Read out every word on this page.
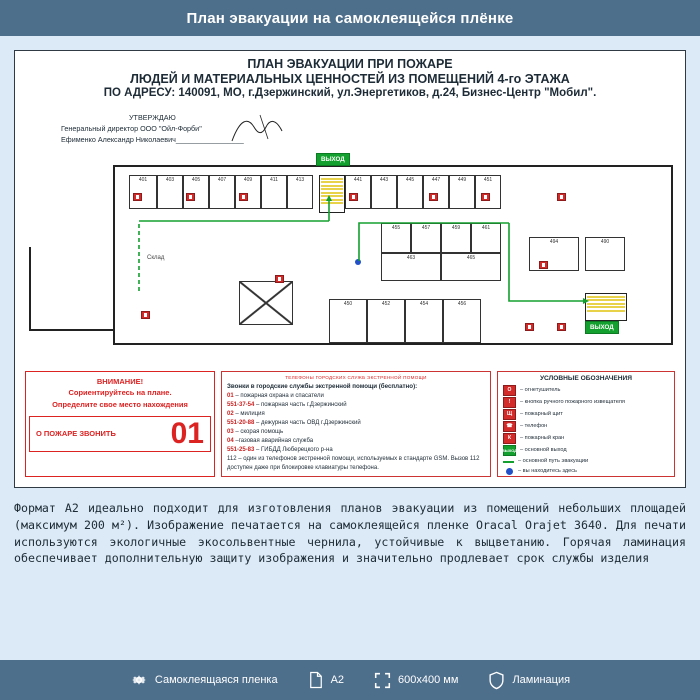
План эвакуации на самоклеящейся плёнке
ПЛАН ЭВАКУАЦИИ ПРИ ПОЖАРЕ
ЛЮДЕЙ И МАТЕРИАЛЬНЫХ ЦЕННОСТЕЙ ИЗ ПОМЕЩЕНИЙ 4-го ЭТАЖА
ПО АДРЕСУ: 140091, МО, г.Дзержинский, ул.Энергетиков, д.24, Бизнес-Центр "Мобил".
УТВЕРЖДАЮ
Генеральный директор ООО "Ойл-Форби"
Ефименко Александр Николаевич_________________
401	403	405	407	409	411	413	441	443	445	447	449	451
455	457	459	461
463	465
494	490
450	452	454	456
Склад
ВЫХОД
ВЫХОД
ВНИМАНИЕ!
Сориентируйтесь на плане.
Определите свое место нахождения
О ПОЖАРЕ ЗВОНИТЬ 01
ТЕЛЕФОНЫ ГОРОДСКИХ СЛУЖБ ЭКСТРЕННОЙ ПОМОЩИ
Звонки в городские службы экстренной помощи (бесплатно):
01 – пожарная охрана и спасатели
551-37-54 – пожарная часть г.Дзержинский
02 – милиция
551-20-88 – дежурная часть ОВД г.Дзержинский
03 – скорая помощь
04 –газовая аварийная служба
551-25-83 – ГИБДД Люберецкого р-на
112 – один из телефонов экстренной помощи, используемых в стандарте GSM. Вызов 112
доступен даже при блокировке клавиатуры телефона.
УСЛОВНЫЕ ОБОЗНАЧЕНИЯ
О	– огнетушитель
!	– кнопка ручного пожарного извещателя
Щ	– пожарный щит
☎	– телефон
К	– пожарный кран
ВЫХОД – основной выход
– основной путь эвакуации
– вы находитесь здесь
Формат A2 идеально подходит для изготовления планов эвакуации из помещений небольших площадей (максимум 200 м²). Изображение печатается на самоклеящейся пленке Oracal Orajet 3640. Для печати используются экологичные экосольвентные чернила, устойчивые к выцветанию. Горячая ламинация обеспечивает дополнительную защиту изображения и значительно продлевает срок службы изделия
Самоклеящаяся пленка	A2	600x400 мм	Ламинация
